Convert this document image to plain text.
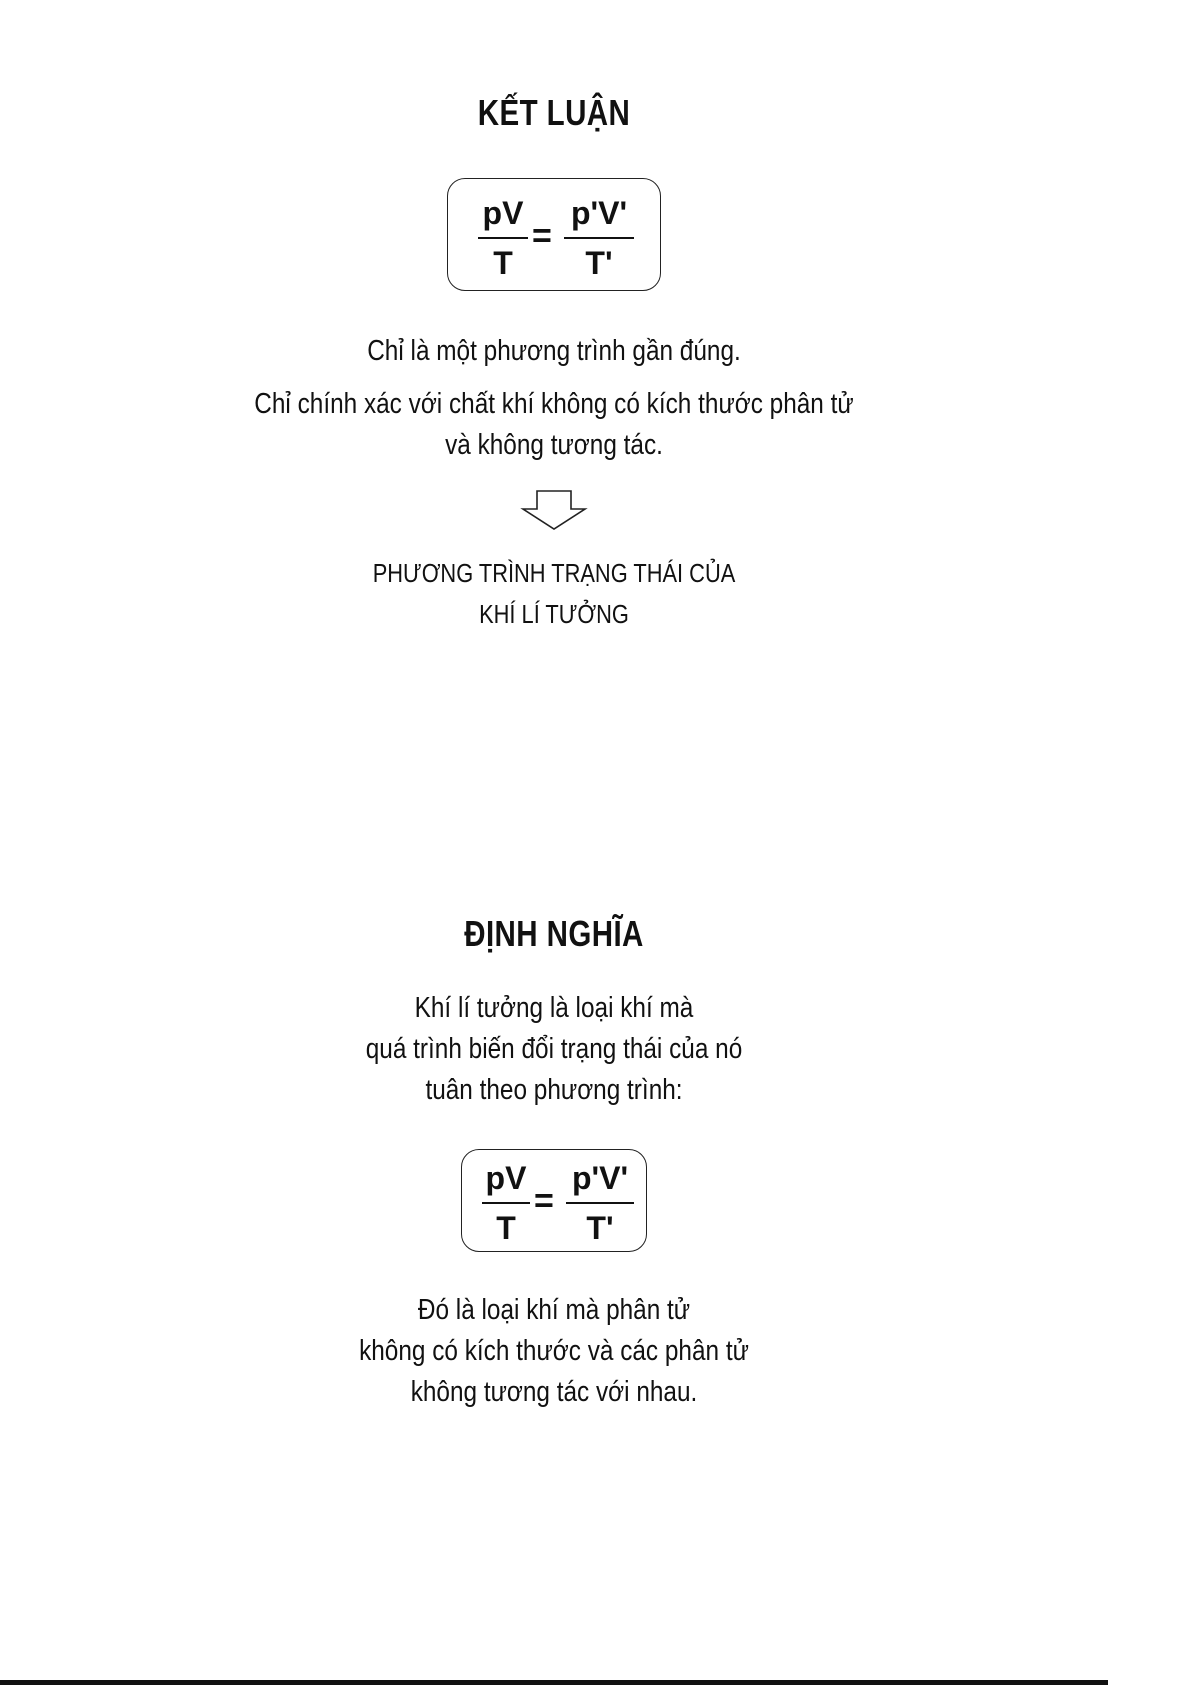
KẾT LUẬN
pV
T
=
p'V'
T'
Chỉ là một phương trình gần đúng.
Chỉ chính xác với chất khí không có kích thước phân tử
và không tương tác.
PHƯƠNG TRÌNH TRẠNG THÁI CỦA
KHÍ LÍ TƯỞNG
ĐỊNH NGHĨA
Khí lí tưởng là loại khí mà
quá trình biến đổi trạng thái của nó
tuân theo phương trình:
pV
T
=
p'V'
T'
Đó là loại khí mà phân tử
không có kích thước và các phân tử
không tương tác với nhau.
